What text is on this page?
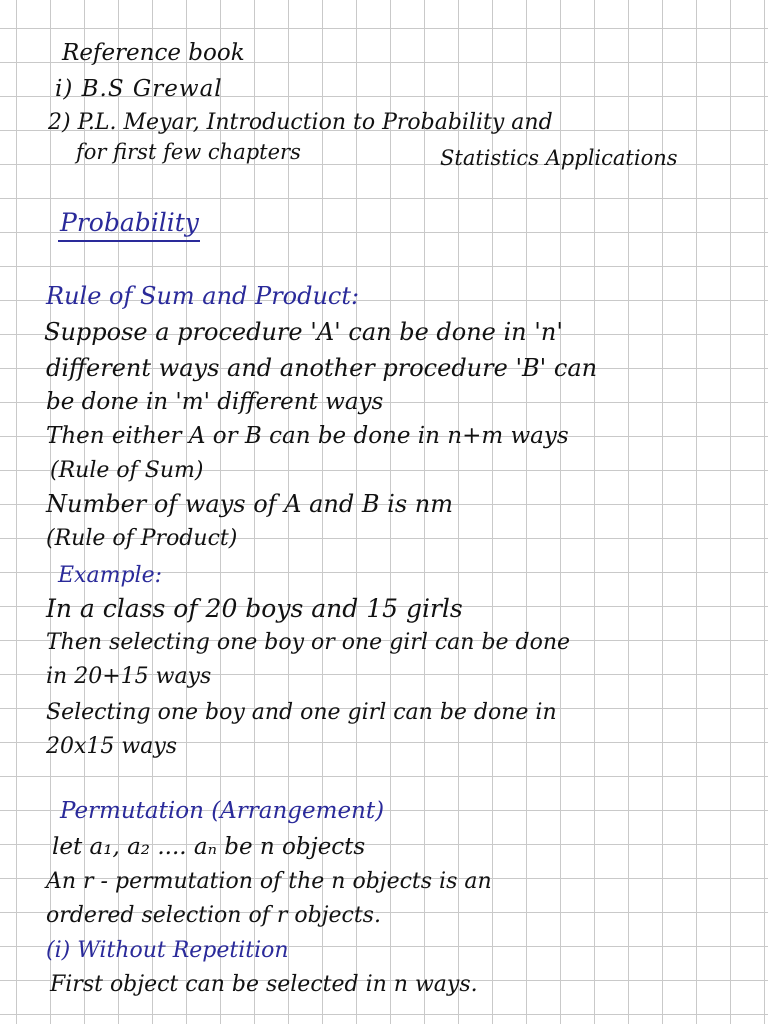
Reference book
i) B.S Grewal
2) P.L. Meyar, Introduction to Probability and
for first few chapters	Statistics Applications
Probability
Rule of Sum and Product:
Suppose a procedure 'A' can be done in 'n'
different ways and another procedure 'B' can
be done in 'm' different ways
Then either A or B can be done in n+m ways
(Rule of Sum)
Number of ways of A and B is nm
(Rule of Product)
Example:
In a class of 20 boys and 15 girls
Then selecting one boy or one girl can be done
in 20+15 ways
Selecting one boy and one girl can be done in
20x15 ways
Permutation (Arrangement)
let a₁, a₂ .... aₙ be n objects
An r - permutation of the n objects is an
ordered selection of r objects.
(i) Without Repetition
First object can be selected in n ways.
